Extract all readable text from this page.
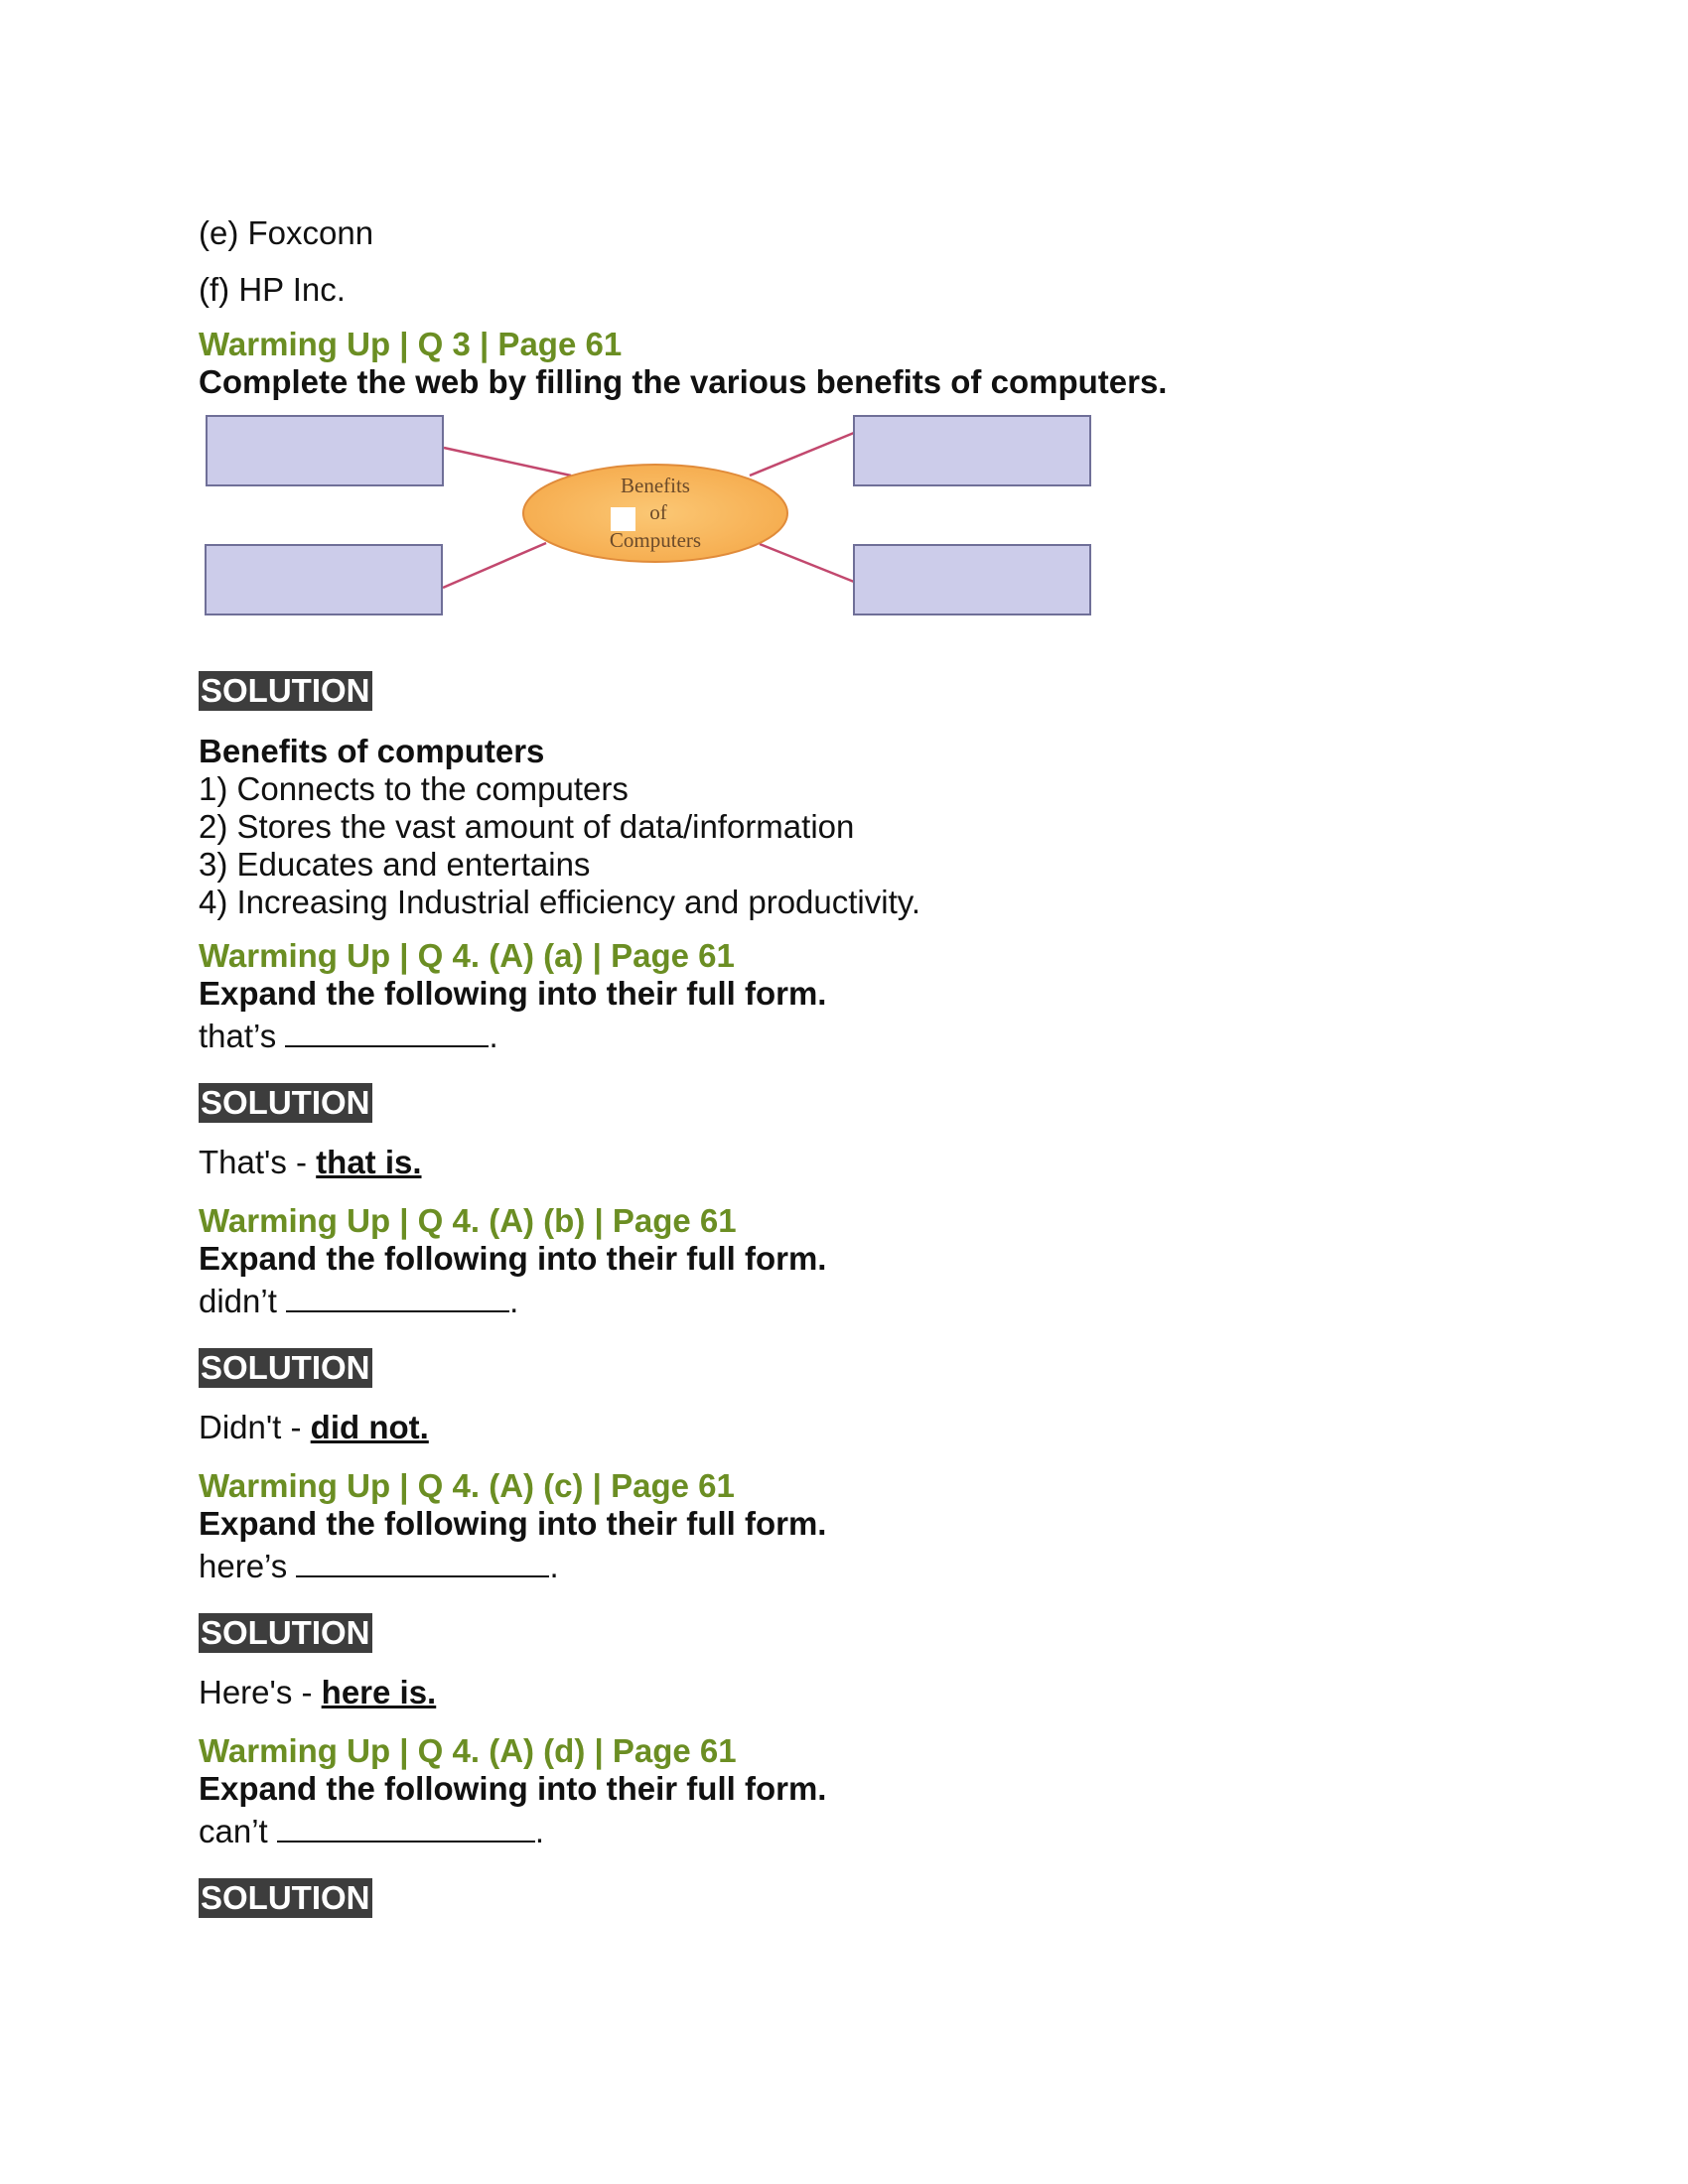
(e) Foxconn

(f) HP Inc.

Warming Up | Q 3 | Page 61
Complete the web by filling the various benefits of computers.
Benefits
of
Computers
SOLUTION
Benefits of computers
1) Connects to the computers
2) Stores the vast amount of data/information
3) Educates and entertains
4) Increasing Industrial efficiency and productivity.
Warming Up | Q 4. (A) (a) | Page 61
Expand the following into their full form.
that’s	.
SOLUTION
That's - that is.
Warming Up | Q 4. (A) (b) | Page 61
Expand the following into their full form.
didn’t	.
SOLUTION
Didn't - did not.
Warming Up | Q 4. (A) (c) | Page 61
Expand the following into their full form.
here’s	.
SOLUTION
Here's - here is.
Warming Up | Q 4. (A) (d) | Page 61
Expand the following into their full form.
can’t	.
SOLUTION
